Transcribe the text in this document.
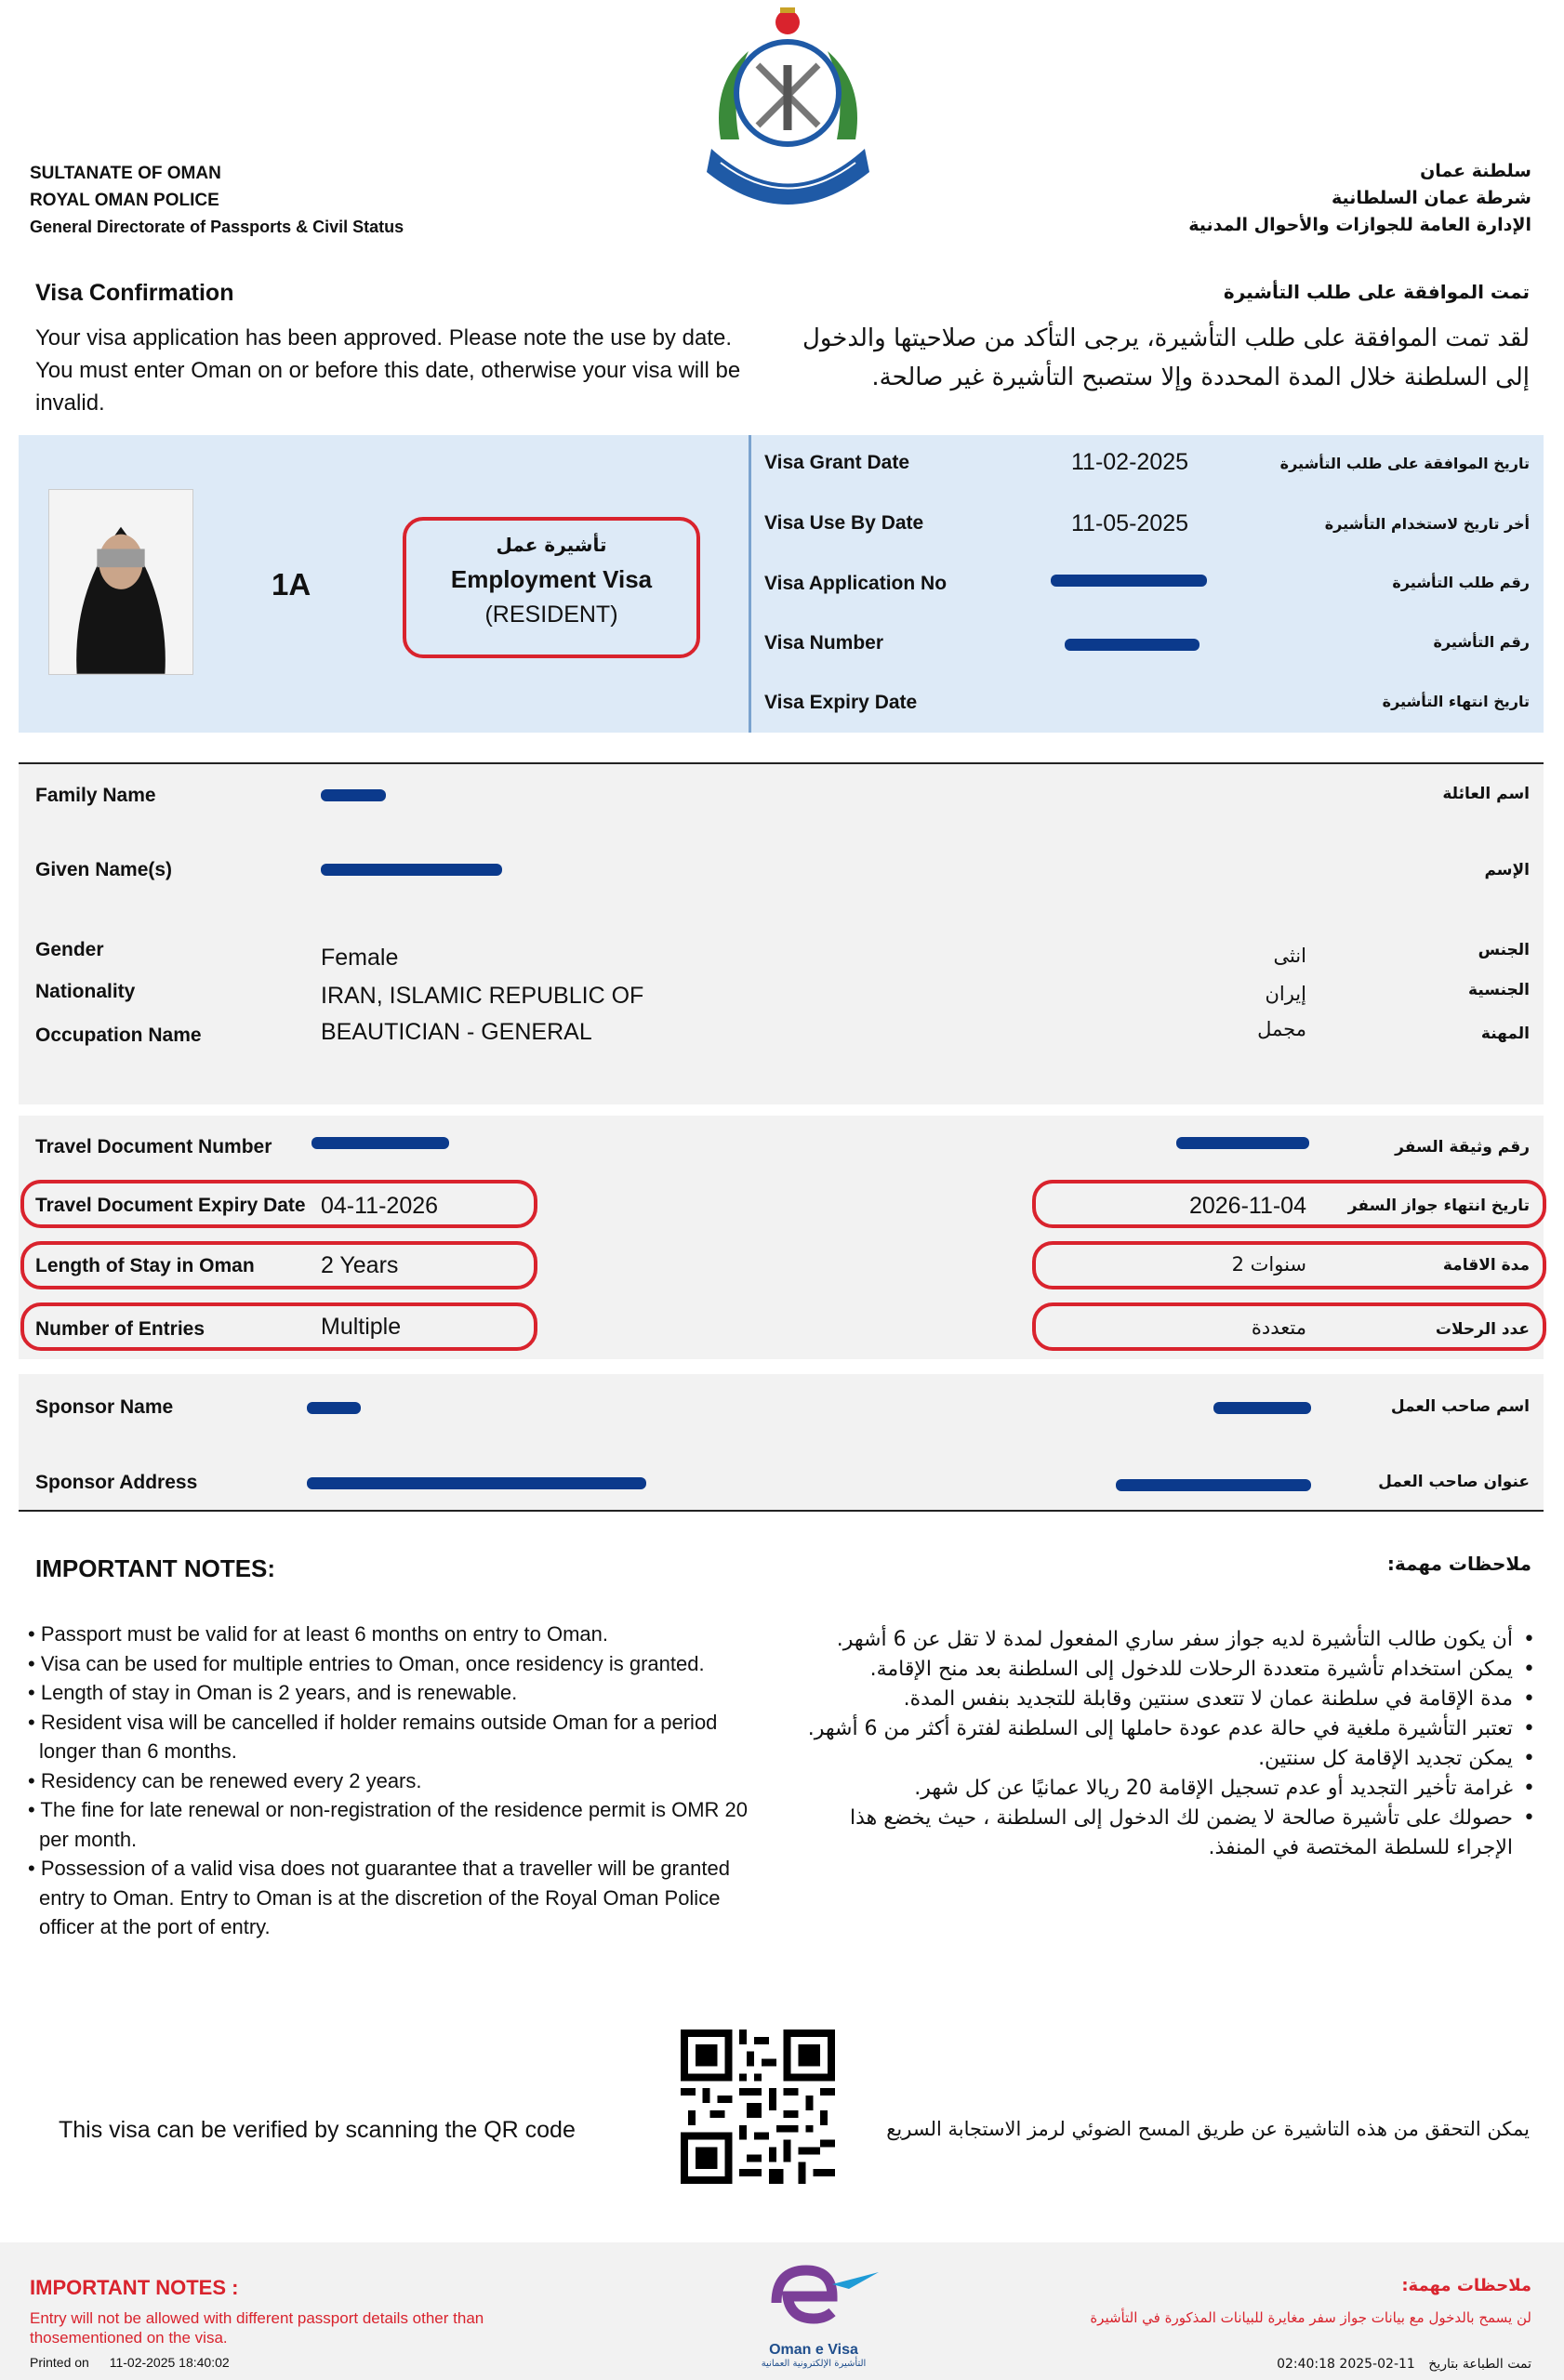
SULTANATE OF OMAN
ROYAL OMAN POLICE
General Directorate of Passports & Civil Status
سلطنة عمان
شرطة عمان السلطانية
الإدارة العامة للجوازات والأحوال المدنية
Visa Confirmation	تمت الموافقة على طلب التأشيرة
Your visa application has been approved. Please note the use by date. You must enter Oman on or before this date, otherwise your visa will be invalid.
لقد تمت الموافقة على طلب التأشيرة، يرجى التأكد من صلاحيتها والدخول إلى السلطنة خلال المدة المحددة وإلا ستصبح التأشيرة غير صالحة.
1A
تأشيرة عمل
Employment Visa
(RESIDENT)
Visa Grant Date	11-02-2025	تاريخ الموافقة على طلب التأشيرة
Visa Use By Date	11-05-2025	أخر تاريخ لاستخدام التأشيرة
Visa Application No	رقم طلب التأشيرة
Visa Number	رقم التأشيرة
Visa Expiry Date	تاريخ انتهاء التأشيرة
Family Name	اسم العائلة
Given Name(s)	الإسم
Gender	Female	انثى	الجنس
Nationality	IRAN, ISLAMIC REPUBLIC OF	إيران	الجنسية
Occupation Name	BEAUTICIAN - GENERAL	مجمل	المهنة
Travel Document Number	رقم وثيقة السفر
Travel Document Expiry Date 04-11-2026	2026-11-04	تاريخ انتهاء جواز السفر
Length of Stay in Oman	2 Years	سنوات 2	مدة الاقامة
Number of Entries	Multiple	متعددة	عدد الرحلات
Sponsor Name	اسم صاحب العمل
Sponsor Address	عنوان صاحب العمل
IMPORTANT NOTES:	ملاحظات مهمة:
• Passport must be valid for at least 6 months on entry to Oman.
• Visa can be used for multiple entries to Oman, once residency is granted.
• Length of stay in Oman is 2 years, and is renewable.
• Resident visa will be cancelled if holder remains outside Oman for a period longer than 6 months.
• Residency can be renewed every 2 years.
• The fine for late renewal or non-registration of the residence permit is OMR 20 per month.
• Possession of a valid visa does not guarantee that a traveller will be granted entry to Oman. Entry to Oman is at the discretion of the Royal Oman Police officer at the port of entry.
• أن يكون طالب التأشيرة لديه جواز سفر ساري المفعول لمدة لا تقل عن 6 أشهر.
• يمكن استخدام تأشيرة متعددة الرحلات للدخول إلى السلطنة بعد منح الإقامة.
• مدة الإقامة في سلطنة عمان لا تتعدى سنتين وقابلة للتجديد بنفس المدة.
• تعتبر التأشيرة ملغية في حالة عدم عودة حاملها إلى السلطنة لفترة أكثر من 6 أشهر.
• يمكن تجديد الإقامة كل سنتين.
• غرامة تأخير التجديد أو عدم تسجيل الإقامة 20 ريالا عمانيًا عن كل شهر.
• حصولك على تأشيرة صالحة لا يضمن لك الدخول إلى السلطنة ، حيث يخضع هذا الإجراء للسلطة المختصة في المنفذ.
This visa can be verified by scanning the QR code	يمكن التحقق من هذه التاشيرة عن طريق المسح الضوئي لرمز الاستجابة السريع
IMPORTANT NOTES :
Entry will not be allowed with different passport details other than thosementioned on the visa.
Printed on 11-02-2025 18:40:02
ملاحظات مهمة:
لن يسمح بالدخول مع بيانات جواز سفر مغايرة للبيانات المذكورة في التأشيرة
تمت الطباعة بتاريخ 11-02-2025 02:40:18
Oman e Visa
التأشيرة الإلكترونية العمانية
